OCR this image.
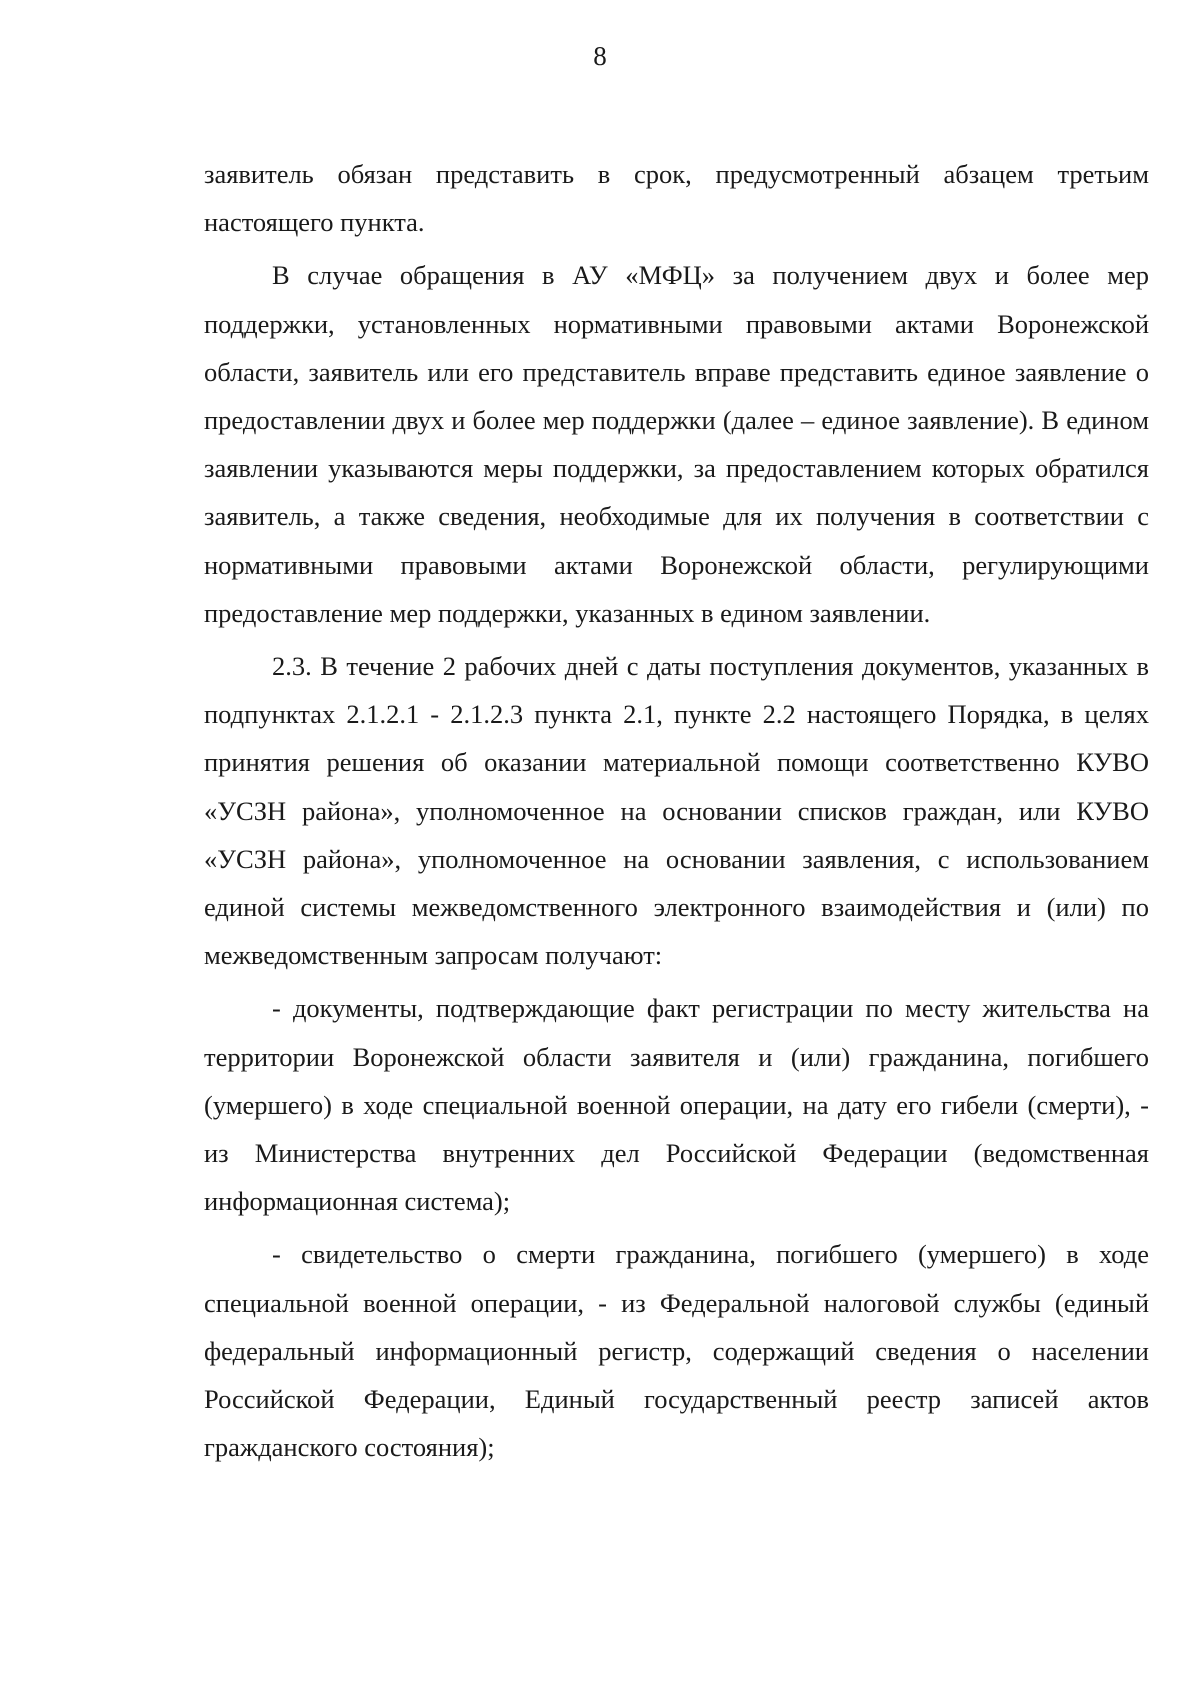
8

заявитель обязан представить в срок, предусмотренный абзацем третьим настоящего пункта.

В случае обращения в АУ «МФЦ» за получением двух и более мер поддержки, установленных нормативными правовыми актами Воронежской области, заявитель или его представитель вправе представить единое заявление о предоставлении двух и более мер поддержки (далее – единое заявление). В едином заявлении указываются меры поддержки, за предоставлением которых обратился заявитель, а также сведения, необходимые для их получения в соответствии с нормативными правовыми актами Воронежской области, регулирующими предоставление мер поддержки, указанных в едином заявлении.

2.3. В течение 2 рабочих дней с даты поступления документов, указанных в подпунктах 2.1.2.1 - 2.1.2.3 пункта 2.1, пункте 2.2 настоящего Порядка, в целях принятия решения об оказании материальной помощи соответственно КУВО «УСЗН района», уполномоченное на основании списков граждан, или КУВО «УСЗН района», уполномоченное на основании заявления, с использованием единой системы межведомственного электронного взаимодействия и (или) по межведомственным запросам получают:

- документы, подтверждающие факт регистрации по месту жительства на территории Воронежской области заявителя и (или) гражданина, погибшего (умершего) в ходе специальной военной операции, на дату его гибели (смерти), - из Министерства внутренних дел Российской Федерации (ведомственная информационная система);

- свидетельство о смерти гражданина, погибшего (умершего) в ходе специальной военной операции, - из Федеральной налоговой службы (единый федеральный информационный регистр, содержащий сведения о населении Российской Федерации, Единый государственный реестр записей актов гражданского состояния);
